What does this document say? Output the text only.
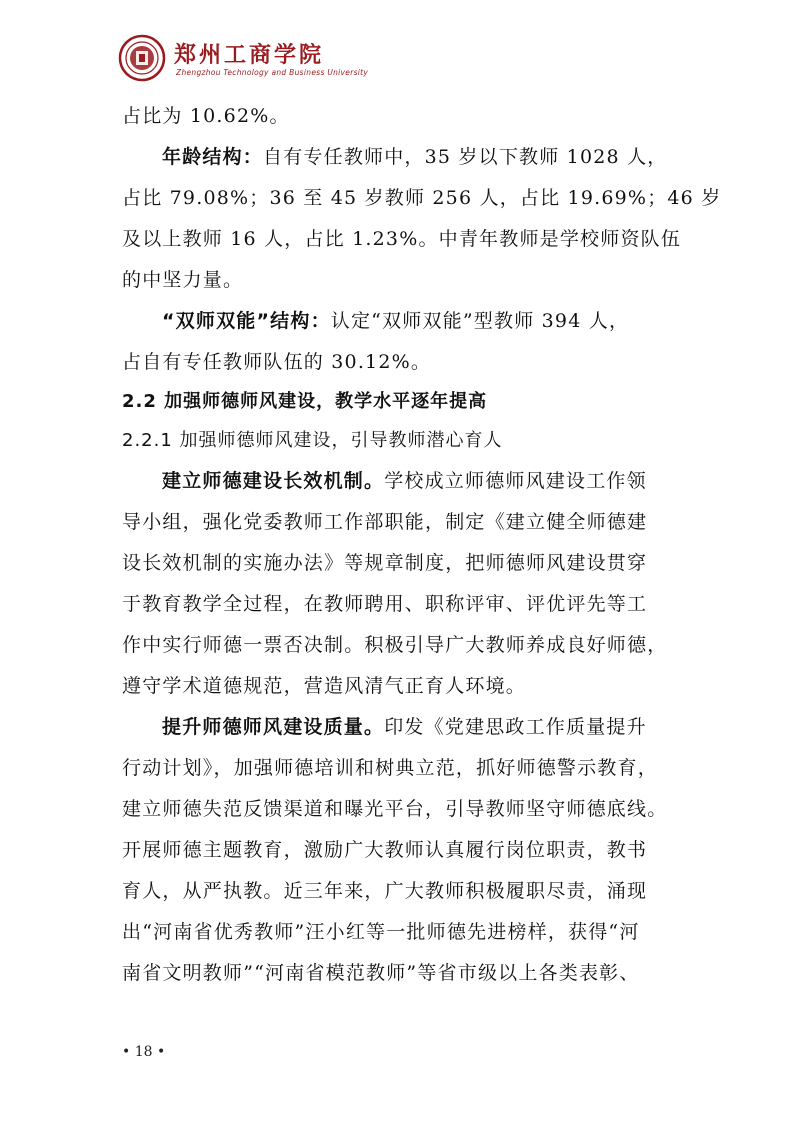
郑州工商学院
Zhengzhou Technology and Business University
占比为 10.62%。
年龄结构：自有专任教师中，35 岁以下教师 1028 人，
占比 79.08%；36 至 45 岁教师 256 人，占比 19.69%；46 岁
及以上教师 16 人，占比 1.23%。中青年教师是学校师资队伍
的中坚力量。
“双师双能”结构：认定“双师双能”型教师 394 人，
占自有专任教师队伍的 30.12%。
2.2 加强师德师风建设，教学水平逐年提高
2.2.1 加强师德师风建设，引导教师潜心育人
建立师德建设长效机制。学校成立师德师风建设工作领
导小组，强化党委教师工作部职能，制定《建立健全师德建
设长效机制的实施办法》等规章制度，把师德师风建设贯穿
于教育教学全过程，在教师聘用、职称评审、评优评先等工
作中实行师德一票否决制。积极引导广大教师养成良好师德，
遵守学术道德规范，营造风清气正育人环境。
提升师德师风建设质量。印发《党建思政工作质量提升
行动计划》，加强师德培训和树典立范，抓好师德警示教育，
建立师德失范反馈渠道和曝光平台，引导教师坚守师德底线。
开展师德主题教育，激励广大教师认真履行岗位职责，教书
育人，从严执教。近三年来，广大教师积极履职尽责，涌现
出“河南省优秀教师”汪小红等一批师德先进榜样，获得“河
南省文明教师”“河南省模范教师”等省市级以上各类表彰、
• 18 •
